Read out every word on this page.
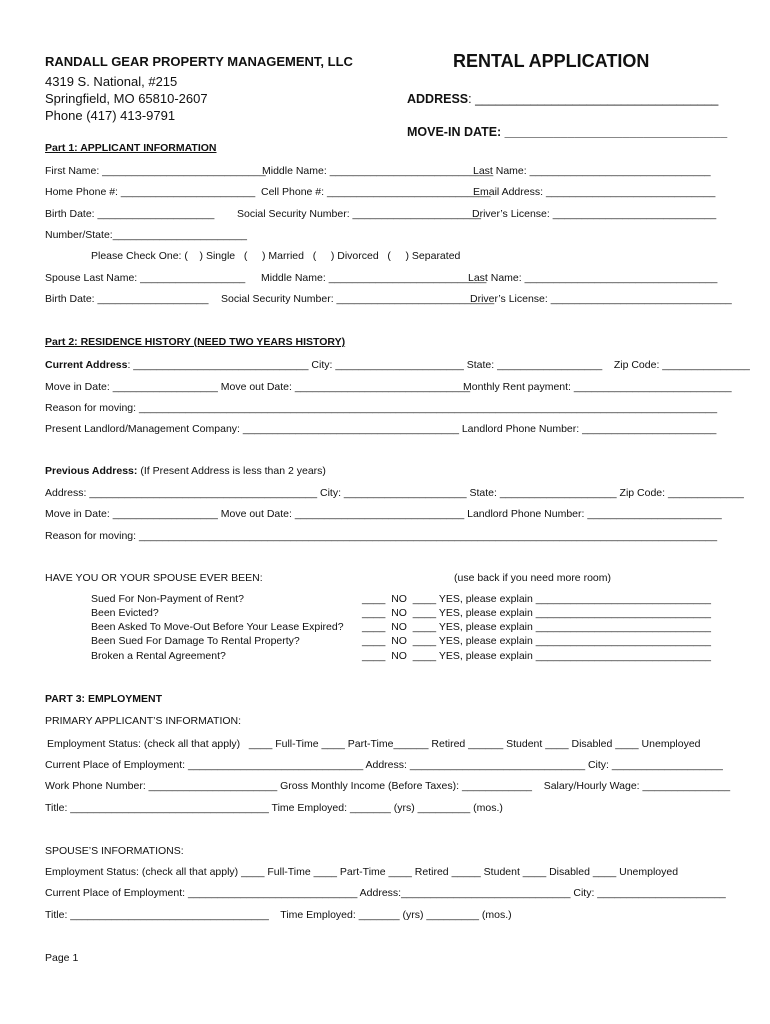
RANDALL GEAR PROPERTY MANAGEMENT, LLC
4319 S. National, #215
Springfield, MO 65810-2607
Phone (417) 413-9791
RENTAL APPLICATION
ADDRESS: ___________________________________
MOVE-IN DATE: ________________________________
Part 1: APPLICANT INFORMATION
First Name: ____________________________
Middle Name: ____________________________
Last Name: _______________________________
Home Phone #: _______________________ Cell Phone #: ____________________________
Email Address: _____________________________
Birth Date: ____________________ Social Security Number: ______________________
Driver’s License: ____________________________
Number/State:_______________________
Please Check One: (    ) Single   (     ) Married   (     ) Divorced   (     ) Separated
Spouse Last Name: __________________ Middle Name: ___________________________
Last Name: _________________________________
Birth Date: ___________________ Social Security Number: ___________________________
Driver’s License: _______________________________
Part 2: RESIDENCE HISTORY (NEED TWO YEARS HISTORY)
Current Address: ______________________________ City: ______________________ State: __________________    Zip Code: _______________
Move in Date: __________________ Move out Date: ______________________________
Monthly Rent payment: ___________________________
Reason for moving: ___________________________________________________________________________________________________
Present Landlord/Management Company: _____________________________________ Landlord Phone Number: _______________________
Previous Address: (If Present Address is less than 2 years)
Address: _______________________________________ City: _____________________ State: ____________________ Zip Code: _____________
Move in Date: __________________ Move out Date: _____________________________ Landlord Phone Number: _______________________
Reason for moving: ___________________________________________________________________________________________________
HAVE YOU OR YOUR SPOUSE EVER BEEN:	(use back if you need more room)
Sued For Non-Payment of Rent?
Been Evicted?
Been Asked To Move-Out Before Your Lease Expired?
Been Sued For Damage To Rental Property?
Broken a Rental Agreement?
____  NO  ____ YES, please explain ______________________________
____  NO  ____ YES, please explain ______________________________
____  NO  ____ YES, please explain ______________________________
____  NO  ____ YES, please explain ______________________________
____  NO  ____ YES, please explain ______________________________
PART 3: EMPLOYMENT
PRIMARY APPLICANT’S INFORMATION:
Employment Status: (check all that apply)   ____ Full-Time ____ Part-Time______ Retired ______ Student ____ Disabled ____ Unemployed
Current Place of Employment: ______________________________ Address: ______________________________ City: ___________________
Work Phone Number: ______________________ Gross Monthly Income (Before Taxes): ____________    Salary/Hourly Wage: _______________
Title: __________________________________ Time Employed: _______ (yrs) _________ (mos.)
SPOUSE’S INFORMATIONS:
Employment Status: (check all that apply) ____ Full-Time ____ Part-Time ____ Retired _____ Student ____ Disabled ____ Unemployed
Current Place of Employment: _____________________________ Address:_____________________________ City: ______________________
Title: __________________________________    Time Employed: _______ (yrs) _________ (mos.)
Page 1
